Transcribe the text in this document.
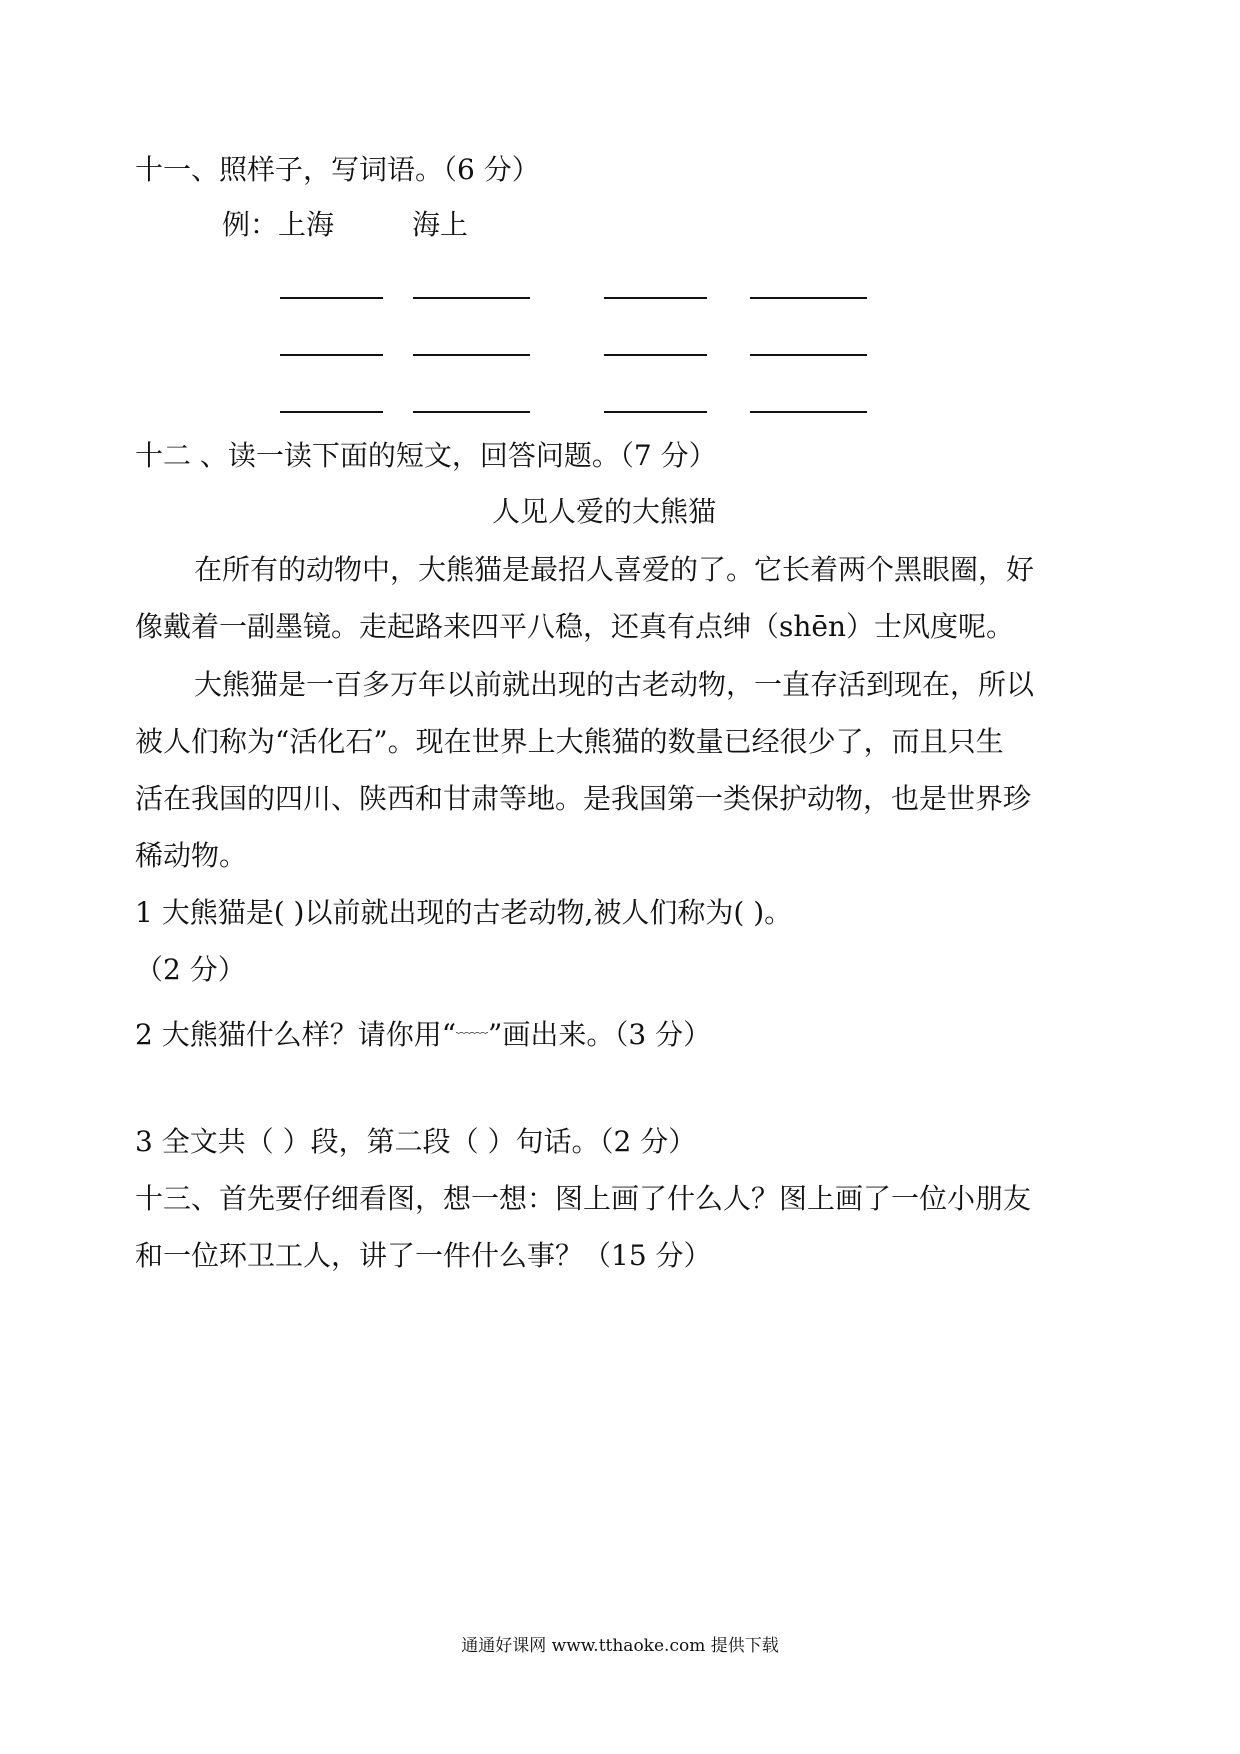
十一、照样子，写词语。（6 分）
例：上海	海上
十二 、读一读下面的短文，回答问题。（7 分）
人见人爱的大熊猫
在所有的动物中，大熊猫是最招人喜爱的了。它长着两个黑眼圈，好
像戴着一副墨镜。走起路来四平八稳，还真有点绅（shēn）士风度呢。
大熊猫是一百多万年以前就出现的古老动物，一直存活到现在，所以
被人们称为“活化石”。现在世界上大熊猫的数量已经很少了，而且只生
活在我国的四川、陕西和甘肃等地。是我国第一类保护动物，也是世界珍
稀动物。
1 大熊猫是( )以前就出现的古老动物,被人们称为( )。
（2 分）
2 大熊猫什么样？请你用“﹏﹏”画出来。（3 分）
3 全文共（ ）段，第二段（ ）句话。（2 分）
十三、首先要仔细看图，想一想：图上画了什么人？图上画了一位小朋友
和一位环卫工人，讲了一件什么事？（15 分）
通通好课网 www.tthaoke.com 提供下载
